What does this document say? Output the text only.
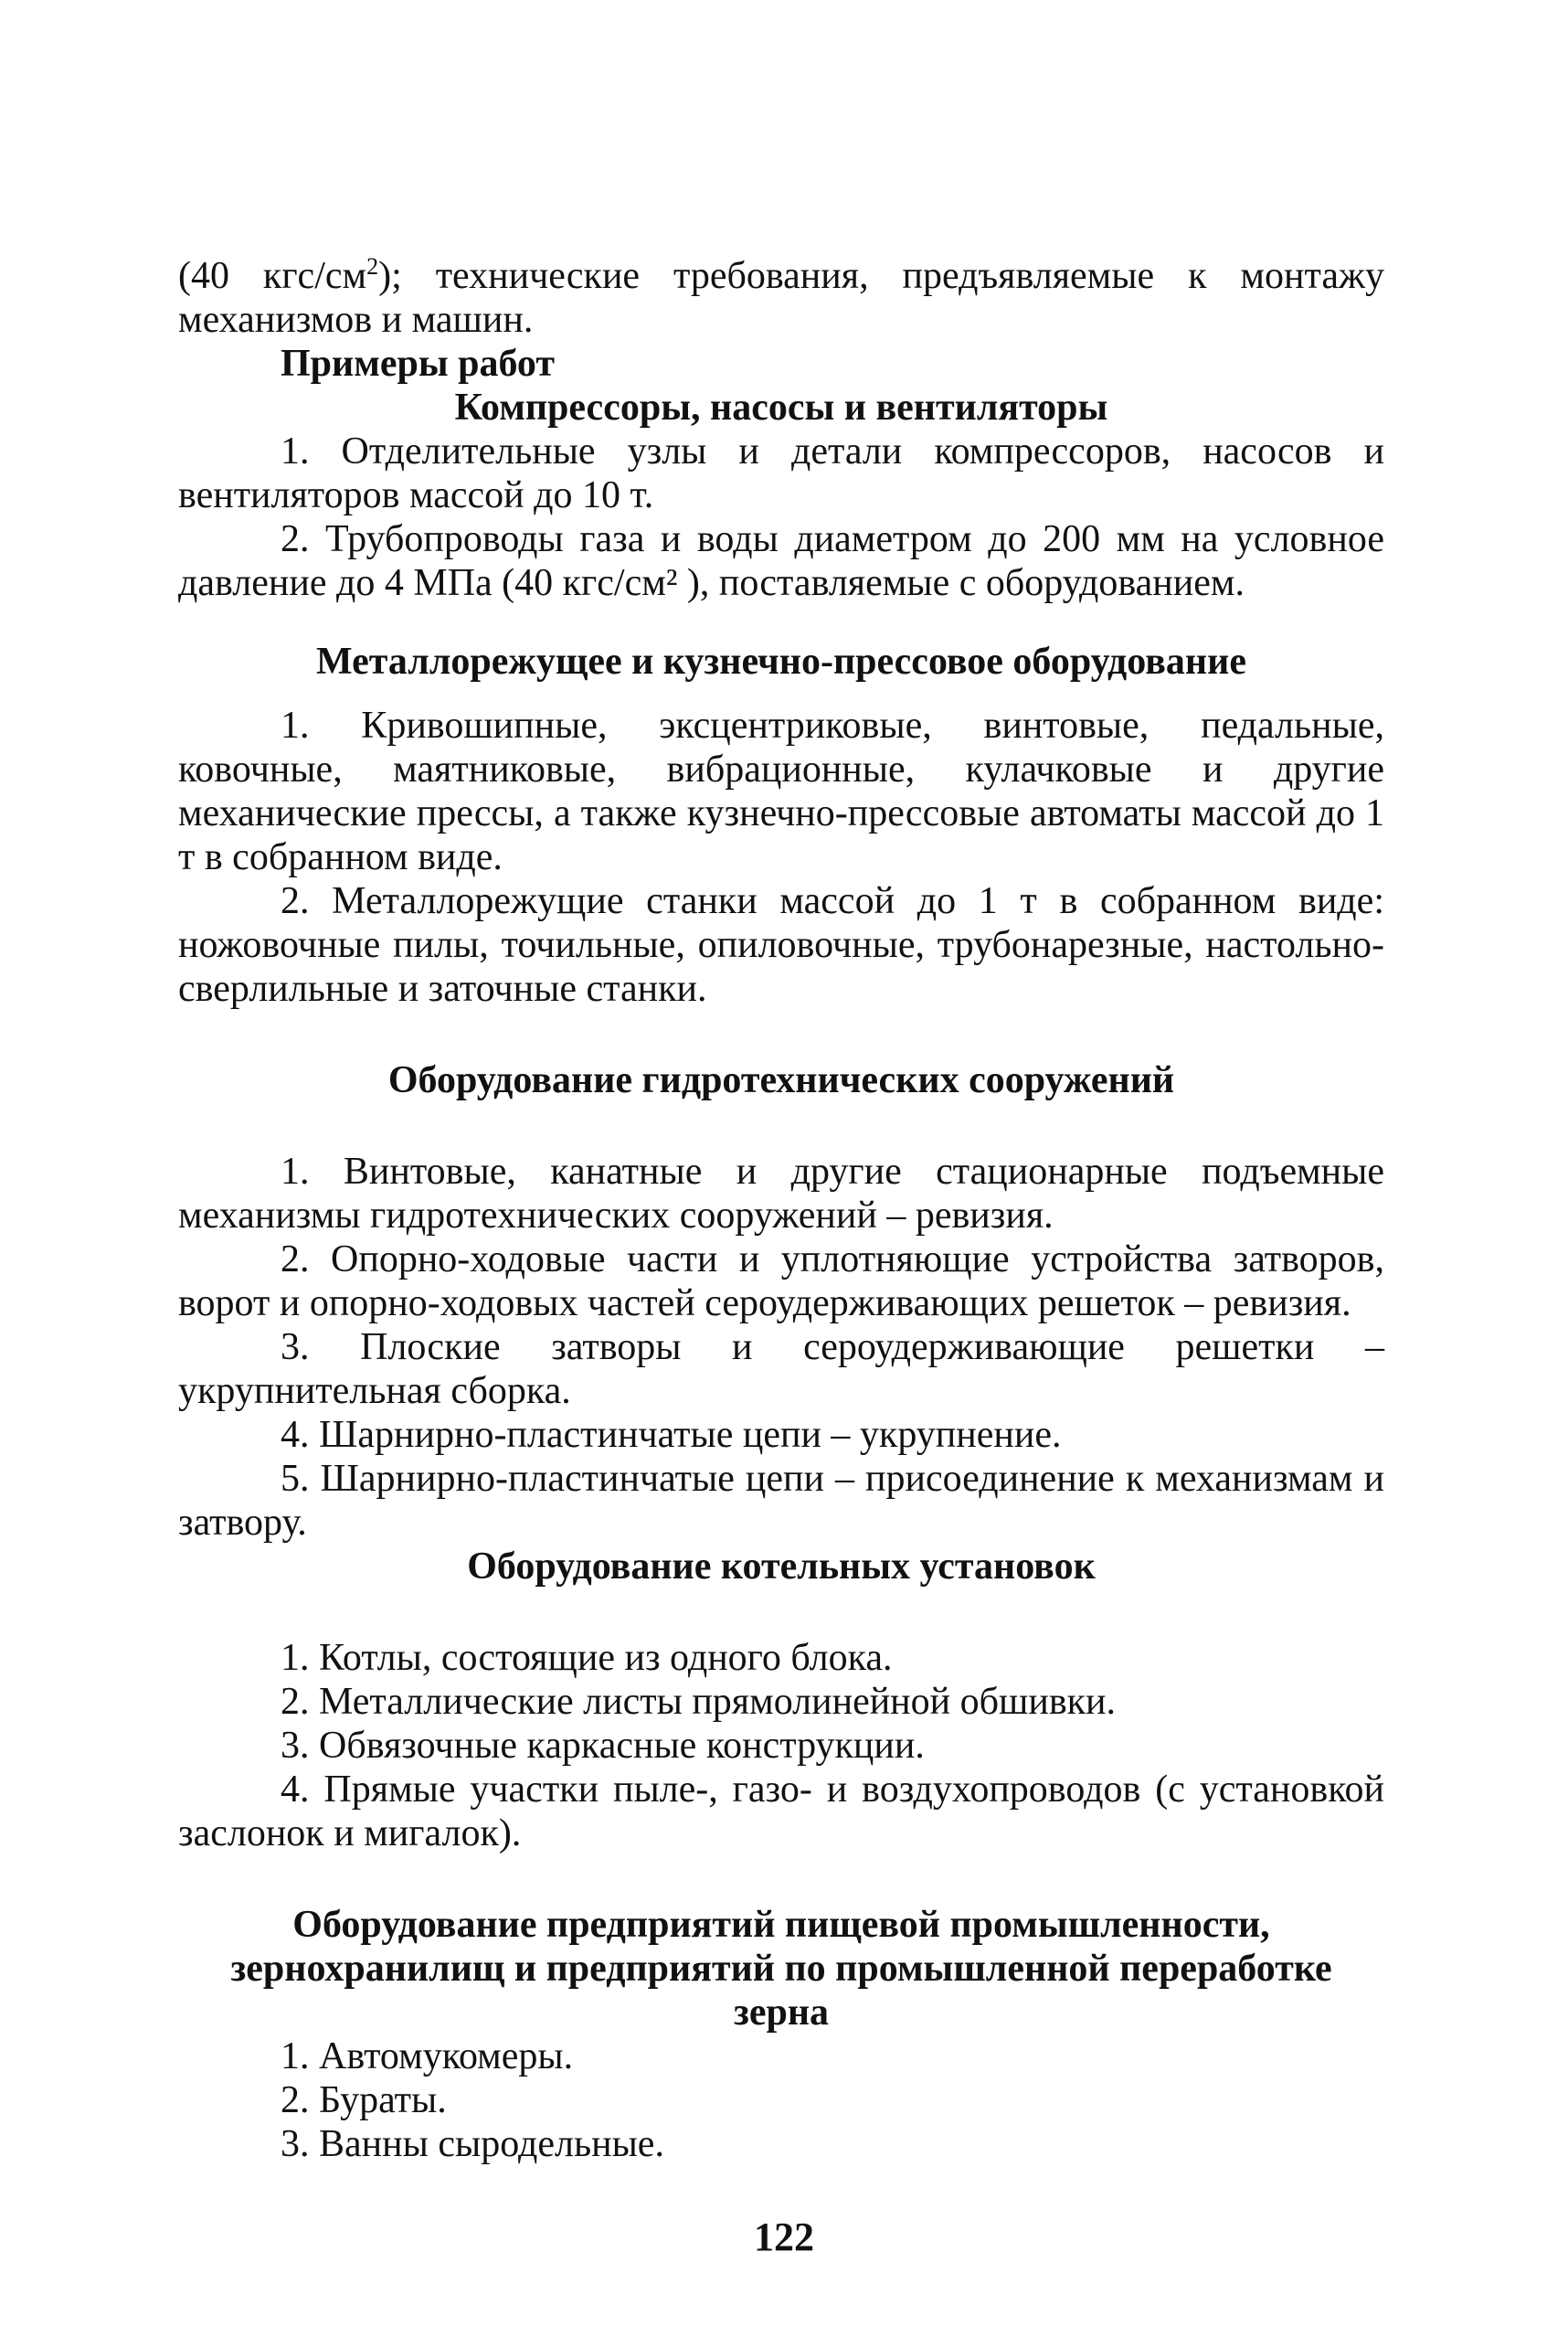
(40 кгс/$см^2$); технические требования, предъявляемые к монтажу механизмов и машин.

Примеры работ

Компрессоры, насосы и вентиляторы

1. Отделительные узлы и детали компрессоров, насосов и вентиляторов массой до 10 т.

2. Трубопроводы газа и воды диаметром до 200 мм на условное давление до 4 МПа (40 кгс/см² ), поставляемые с оборудованием.

Металлорежущее и кузнечно-прессовое оборудование

1. Кривошипные, эксцентриковые, винтовые, педальные, ковочные, маятниковые, вибрационные, кулачковые и другие механические прессы, а также кузнечно-прессовые автоматы массой до 1 т в собранном виде.

2. Металлорежущие станки массой до 1 т в собранном виде: ножовочные пилы, точильные, опиловочные, трубонарезные, настольно-сверлильные и заточные станки.

Оборудование гидротехнических сооружений

1. Винтовые, канатные и другие стационарные подъемные механизмы гидротехнических сооружений – ревизия.

2. Опорно-ходовые части и уплотняющие устройства затворов, ворот и опорно-ходовых частей сероудерживающих решеток – ревизия.

3. Плоские затворы и сероудерживающие решетки – укрупнительная сборка.

4. Шарнирно-пластинчатые цепи – укрупнение.

5. Шарнирно-пластинчатые цепи – присоединение к механизмам и затвору.

Оборудование котельных установок

1. Котлы, состоящие из одного блока.

2. Металлические листы прямолинейной обшивки.

3. Обвязочные каркасные конструкции.

4. Прямые участки пыле-, газо- и воздухопроводов (с установкой заслонок и мигалок).

Оборудование предприятий пищевой промышленности,

зернохранилищ и предприятий по промышленной переработке

зерна

1. Автомукомеры.

2. Бураты.

3. Ванны сыродельные.

122
